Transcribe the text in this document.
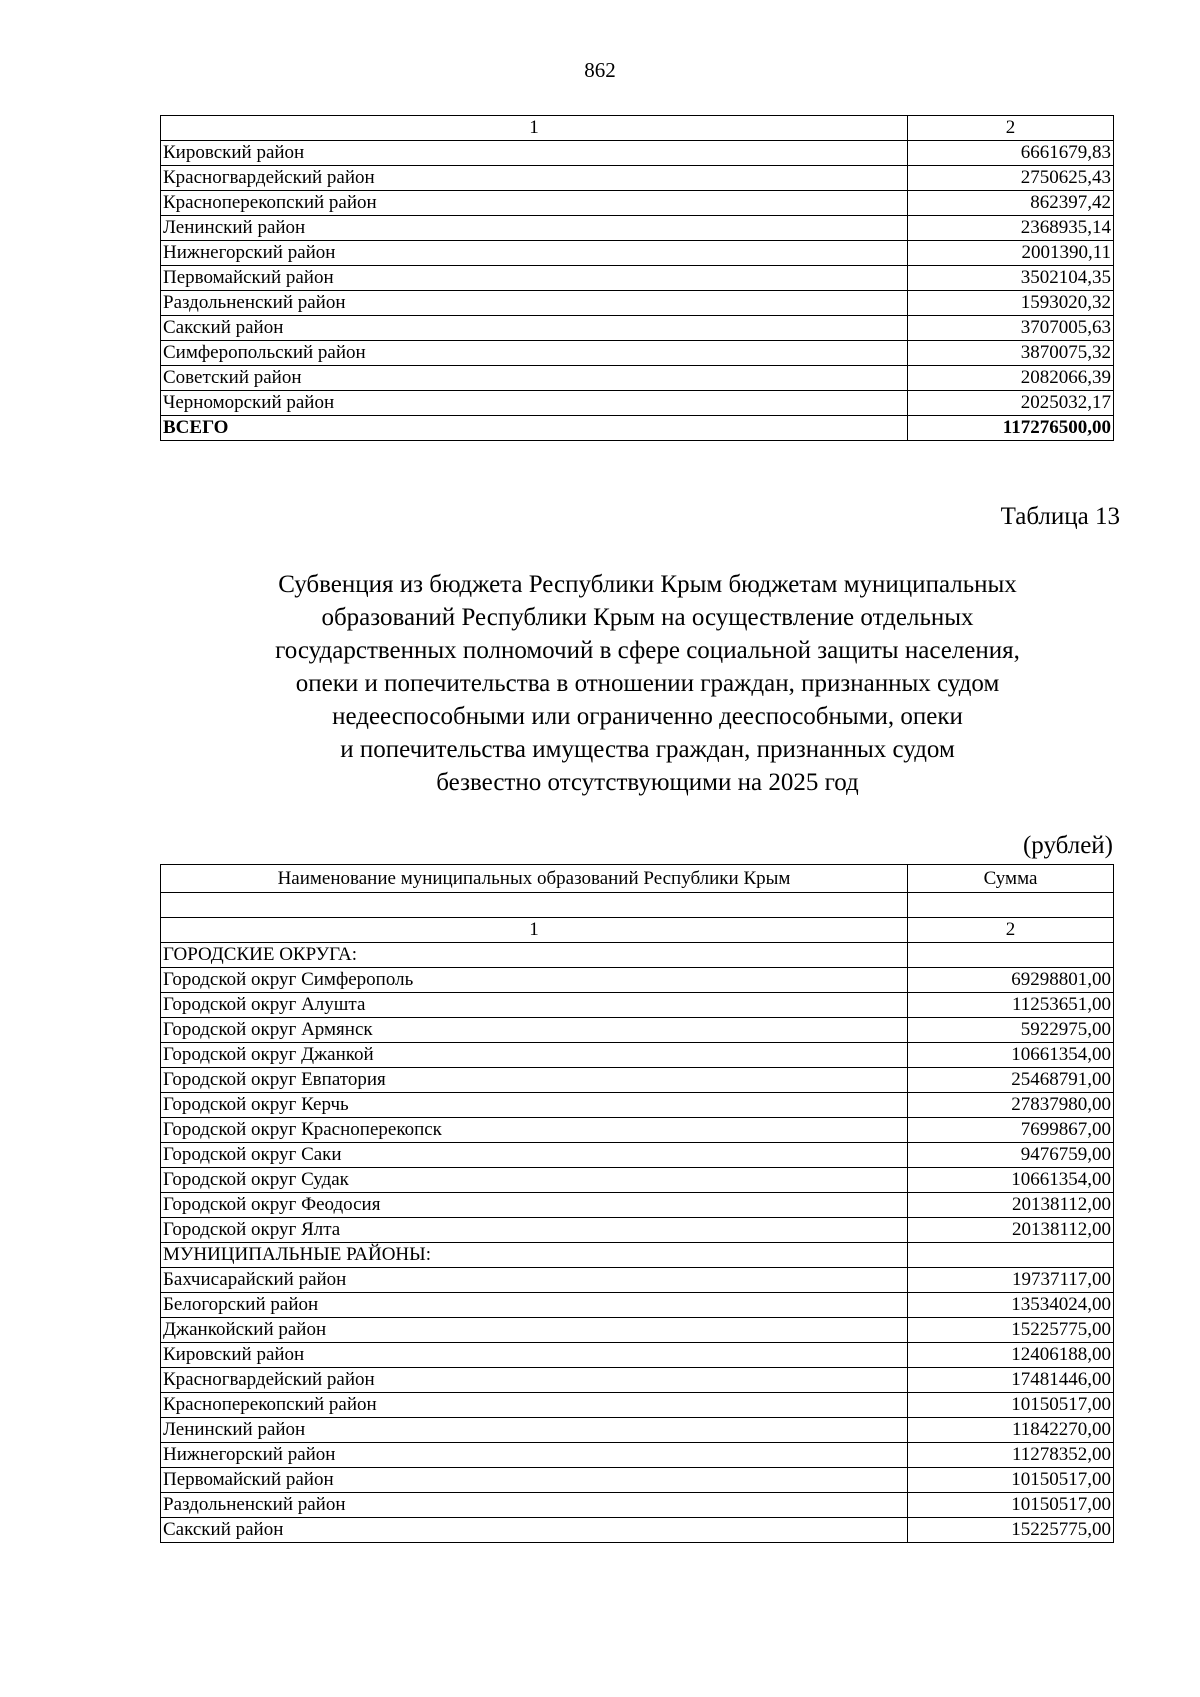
862
1	2
Кировский район	6661679,83
Красногвардейский район	2750625,43
Красноперекопский район	862397,42
Ленинский район	2368935,14
Нижнегорский район	2001390,11
Первомайский район	3502104,35
Раздольненский район	1593020,32
Сакский район	3707005,63
Симферопольский район	3870075,32
Советский район	2082066,39
Черноморский район	2025032,17
ВСЕГО	117276500,00
Таблица 13
Субвенция из бюджета Республики Крым бюджетам муниципальных
образований Республики Крым на осуществление отдельных
государственных полномочий в сфере социальной защиты населения,
опеки и попечительства в отношении граждан, признанных судом
недееспособными или ограниченно дееспособными, опеки
и попечительства имущества граждан, признанных судом
безвестно отсутствующими на 2025 год
(рублей)
Наименование муниципальных образований Республики Крым	Сумма

1	2
ГОРОДСКИЕ ОКРУГА:	
Городской округ Симферополь	69298801,00
Городской округ Алушта	11253651,00
Городской округ Армянск	5922975,00
Городской округ Джанкой	10661354,00
Городской округ Евпатория	25468791,00
Городской округ Керчь	27837980,00
Городской округ Красноперекопск	7699867,00
Городской округ Саки	9476759,00
Городской округ Судак	10661354,00
Городской округ Феодосия	20138112,00
Городской округ Ялта	20138112,00
МУНИЦИПАЛЬНЫЕ РАЙОНЫ:	
Бахчисарайский район	19737117,00
Белогорский район	13534024,00
Джанкойский район	15225775,00
Кировский район	12406188,00
Красногвардейский район	17481446,00
Красноперекопский район	10150517,00
Ленинский район	11842270,00
Нижнегорский район	11278352,00
Первомайский район	10150517,00
Раздольненский район	10150517,00
Сакский район	15225775,00
